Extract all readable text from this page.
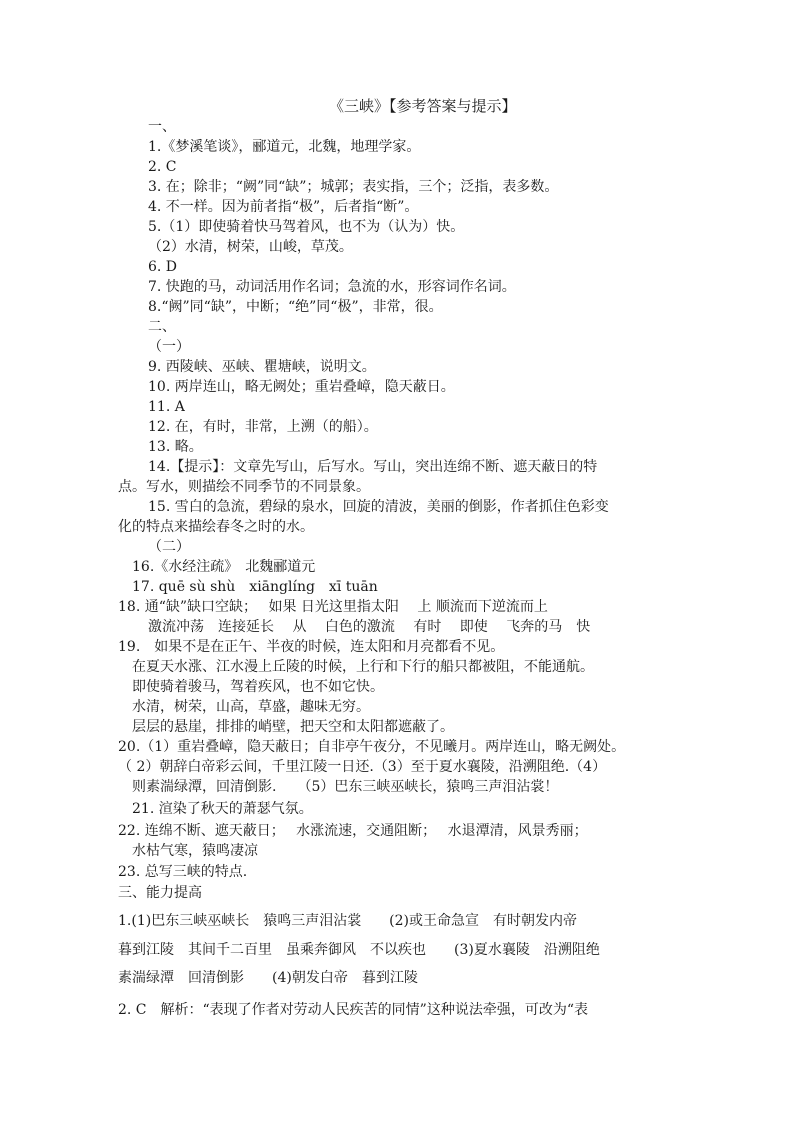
《三峡》【参考答案与提示】
一、
1.《梦溪笔谈》，郦道元，北魏，地理学家。
2. C
3. 在；除非；“阙”同“缺”；城郭；表实指，三个；泛指，表多数。
4. 不一样。因为前者指“极”，后者指“断”。
5.（1）即使骑着快马驾着风，也不为（认为）快。
（2）水清，树荣，山峻，草茂。
6. D
7. 快跑的马，动词活用作名词；急流的水，形容词作名词。
8.“阙”同“缺”，中断；“绝”同“极”，非常，很。
二、
（一）
9. 西陵峡、巫峡、瞿塘峡，说明文。
10. 两岸连山，略无阙处；重岩叠嶂，隐天蔽日。
11. A
12. 在，有时，非常，上溯（的船）。
13. 略。
14.【提示】：文章先写山，后写水。写山，突出连绵不断、遮天蔽日的特
点。写水，则描绘不同季节的不同景象。
15. 雪白的急流，碧绿的泉水，回旋的清波，美丽的倒影，作者抓住色彩变
化的特点来描绘春冬之时的水。
（二）
16.《水经注疏》　北魏郦道元
17. quē sù shù　xiānglíng　xī tuān
18. 通“缺”缺口空缺；　 如果 日光这里指太阳　 上 顺流而下逆流而上
激流冲荡　连接延长　 从　 白色的激流　 有时　 即使　 飞奔的马　快
19.　如果不是在正午、半夜的时候，连太阳和月亮都看不见。
在夏天水涨、江水漫上丘陵的时候，上行和下行的船只都被阻，不能通航。
即使骑着骏马，驾着疾风，也不如它快。
水清，树荣，山高，草盛，趣味无穷。
层层的悬崖，排排的峭壁，把天空和太阳都遮蔽了。
20.（1）重岩叠嶂，隐天蔽日；自非亭午夜分，不见曦月。两岸连山，略无阙处。
（ 2）朝辞白帝彩云间，千里江陵一日还.（3）至于夏水襄陵，沿溯阻绝.（4）
则素湍绿潭，回清倒影.　　（5）巴东三峡巫峡长，猿鸣三声泪沾裳！
21. 渲染了秋天的萧瑟气氛。
22. 连绵不断、遮天蔽日；　 水涨流速，交通阻断；　 水退潭清，风景秀丽；
水枯气寒，猿鸣凄凉
23. 总写三峡的特点.
三、能力提高
1.(1)巴东三峡巫峡长　猿鸣三声泪沾裳　　(2)或王命急宣　有时朝发内帝
暮到江陵　其间千二百里　虽乘奔御风　不以疾也　　(3)夏水襄陵　沿溯阻绝
素湍绿潭　回清倒影　　(4)朝发白帝　暮到江陵
2. C　解析：“表现了作者对劳动人民疾苦的同情”这种说法牵强，可改为“表
